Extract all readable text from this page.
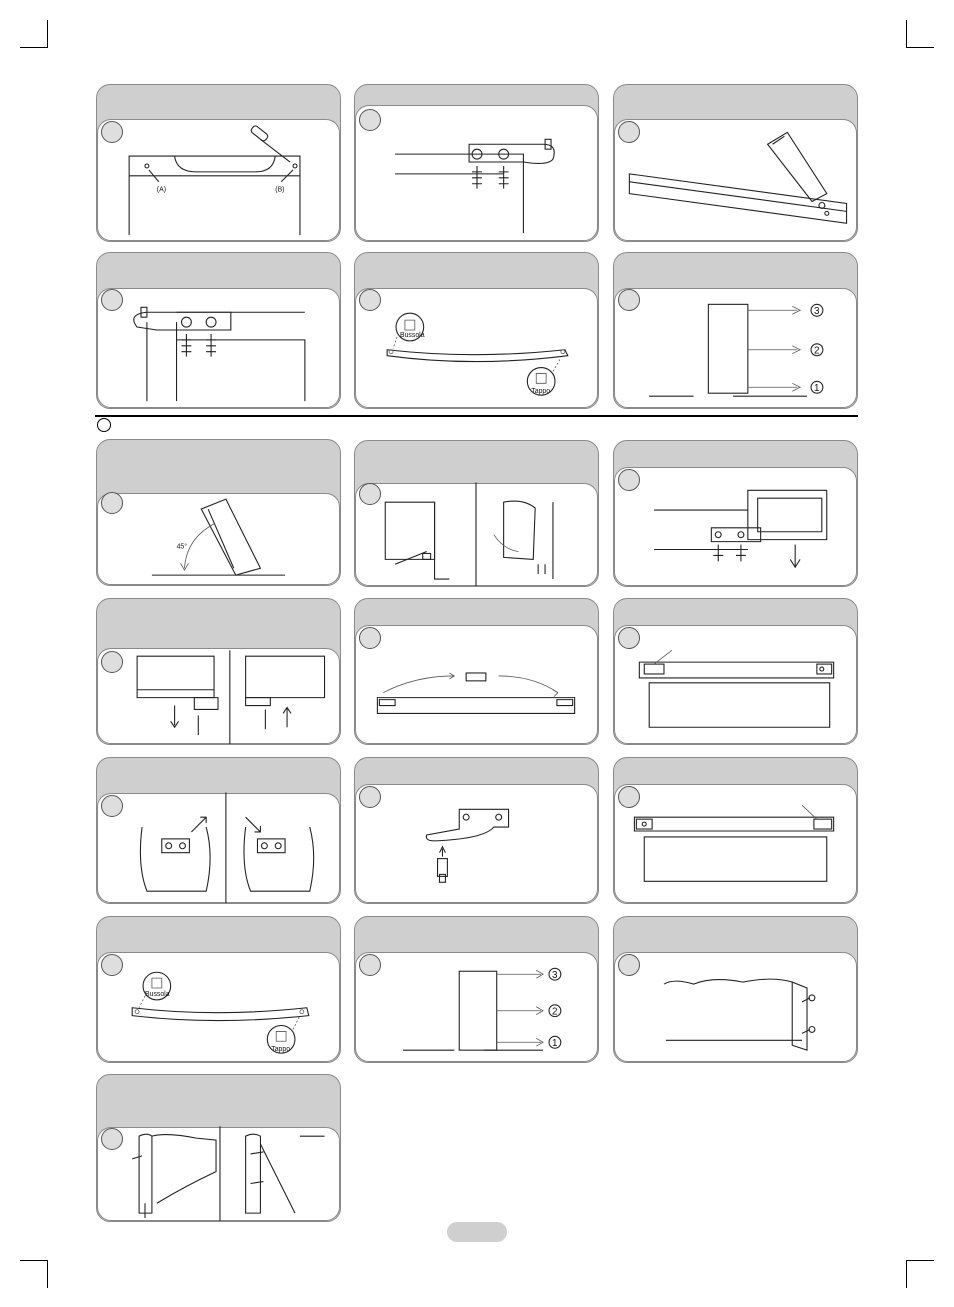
(A)	(B)
Bussola
Tappo
3
2
1
45°
Bussola
Tappo
3
2
1
